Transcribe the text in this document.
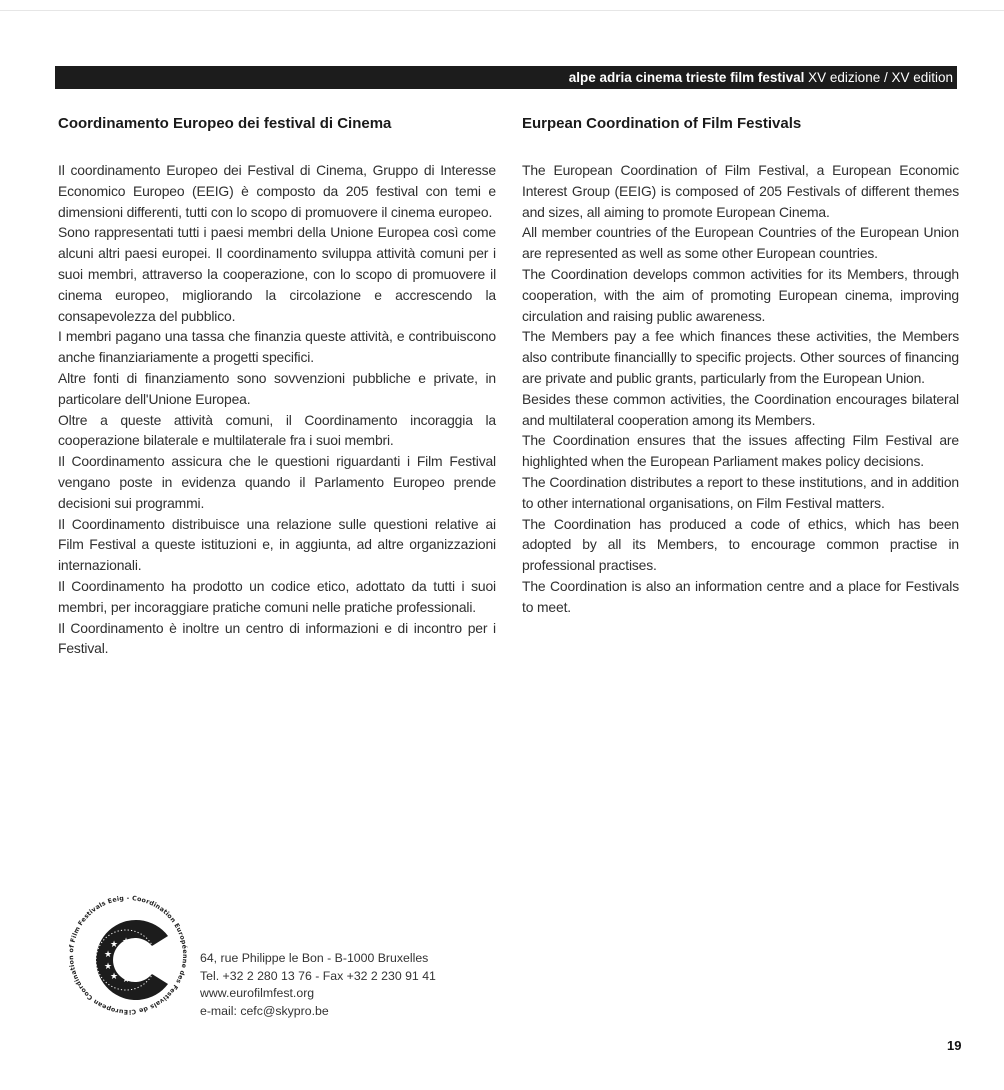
alpe adria cinema trieste film festival XV edizione / XV edition
Coordinamento Europeo dei festival di Cinema

Il coordinamento Europeo dei Festival di Cinema, Gruppo di Interesse Economico Europeo (EEIG) è composto da 205 festival con temi e dimensioni differenti, tutti con lo scopo di promuovere il cinema europeo.

Sono rappresentati tutti i paesi membri della Unione Europea così come alcuni altri paesi europei. Il coordinamento sviluppa attività comuni per i suoi membri, attraverso la cooperazione, con lo scopo di promuovere il cinema europeo, migliorando la circolazione e accrescendo la consapevolezza del pubblico.

I membri pagano una tassa che finanzia queste attività, e contribuiscono anche finanziariamente a progetti specifici.

Altre fonti di finanziamento sono sovvenzioni pubbliche e private, in particolare dell'Unione Europea.

Oltre a queste attività comuni, il Coordinamento incoraggia la cooperazione bilaterale e multilaterale fra i suoi membri.

Il Coordinamento assicura che le questioni riguardanti i Film Festival vengano poste in evidenza quando il Parlamento Europeo prende decisioni sui programmi.

Il Coordinamento distribuisce una relazione sulle questioni relative ai Film Festival a queste istituzioni e, in aggiunta, ad altre organizzazioni internazionali.

Il Coordinamento ha prodotto un codice etico, adottato da tutti i suoi membri, per incoraggiare pratiche comuni nelle pratiche professionali.

Il Coordinamento è inoltre un centro di informazioni e di incontro per i Festival.

Eurpean Coordination of Film Festivals

The European Coordination of Film Festival, a European Economic Interest Group (EEIG) is composed of 205 Festivals of different themes and sizes, all aiming to promote European Cinema.

All member countries of the European Countries of the European Union are represented as well as some other European countries.

The Coordination develops common activities for its Members, through cooperation, with the aim of promoting European cinema, improving circulation and raising public awareness.

The Members pay a fee which finances these activities, the Members also contribute financiallly to specific projects. Other sources of financing are private and public grants, particularly from the European Union.

Besides these common activities, the Coordination encourages bilateral and multilateral cooperation among its Members.

The Coordination ensures that the issues affecting Film Festival are highlighted when the European Parliament makes policy decisions.

The Coordination distributes a report to these institutions, and in addition to other international organisations, on Film Festival matters.

The Coordination has produced a code of ethics, which has been adopted by all its Members, to encourage common practise in professional practises.

The Coordination is also an information centre and a place for Festivals to meet.

European Coordination of Film Festivals Eeig - Coordination Européenne des Festivals de Ci
★ ★
★
★
★
★
★
★
★
★
64, rue Philippe le Bon - B-1000 Bruxelles
Tel. +32 2 280 13 76 - Fax +32 2 230 91 41
www.eurofilmfest.org
e-mail: cefc@skypro.be
19
